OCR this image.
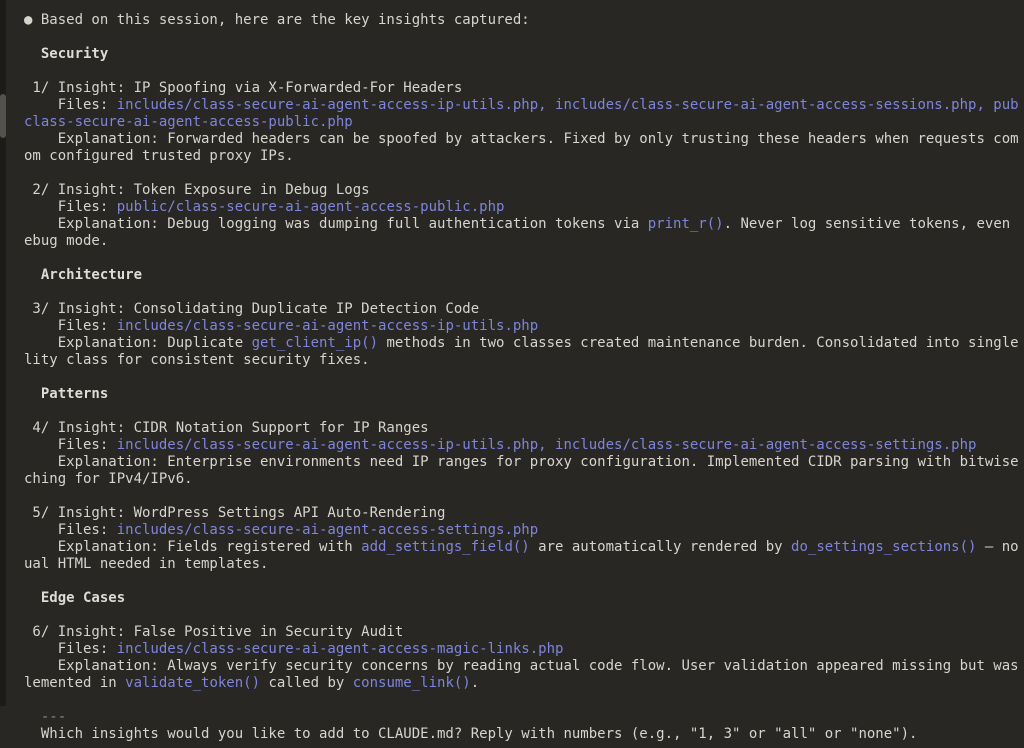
● Based on this session, here are the key insights captured:

Security

1/ Insight: IP Spoofing via X-Forwarded-For Headers
Files: includes/class-secure-ai-agent-access-ip-utils.php, includes/class-secure-ai-agent-access-sessions.php, pub
class-secure-ai-agent-access-public.php
Explanation: Forwarded headers can be spoofed by attackers. Fixed by only trusting these headers when requests com
om configured trusted proxy IPs.

2/ Insight: Token Exposure in Debug Logs
Files: public/class-secure-ai-agent-access-public.php
Explanation: Debug logging was dumping full authentication tokens via print_r(). Never log sensitive tokens, even
ebug mode.

Architecture

3/ Insight: Consolidating Duplicate IP Detection Code
Files: includes/class-secure-ai-agent-access-ip-utils.php
Explanation: Duplicate get_client_ip() methods in two classes created maintenance burden. Consolidated into single
lity class for consistent security fixes.

Patterns

4/ Insight: CIDR Notation Support for IP Ranges
Files: includes/class-secure-ai-agent-access-ip-utils.php, includes/class-secure-ai-agent-access-settings.php
Explanation: Enterprise environments need IP ranges for proxy configuration. Implemented CIDR parsing with bitwise
ching for IPv4/IPv6.

5/ Insight: WordPress Settings API Auto-Rendering
Files: includes/class-secure-ai-agent-access-settings.php
Explanation: Fields registered with add_settings_field() are automatically rendered by do_settings_sections() — no
ual HTML needed in templates.

Edge Cases

6/ Insight: False Positive in Security Audit
Files: includes/class-secure-ai-agent-access-magic-links.php
Explanation: Always verify security concerns by reading actual code flow. User validation appeared missing but was
lemented in validate_token() called by consume_link().

---
Which insights would you like to add to CLAUDE.md? Reply with numbers (e.g., "1, 3" or "all" or "none").
